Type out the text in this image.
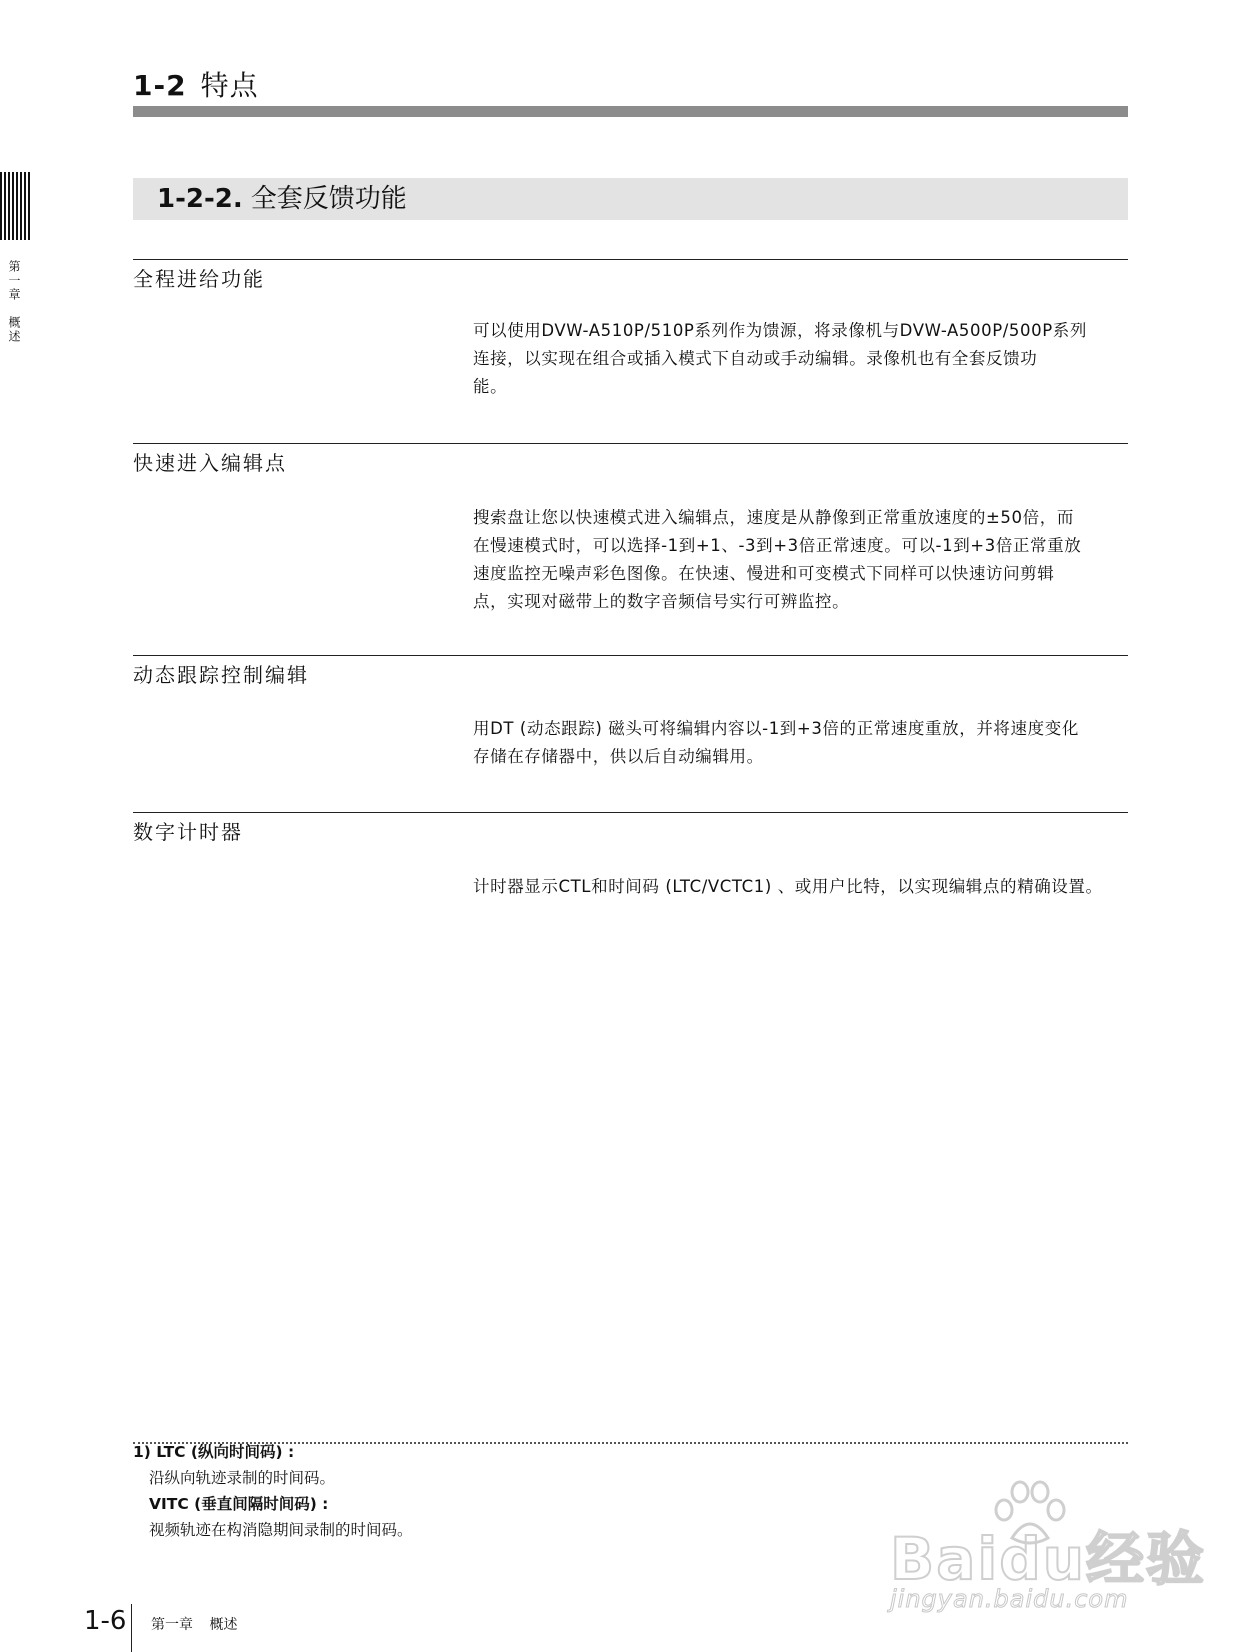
1-2 特点
第一章 概述
1-2-2. 全套反馈功能
全程进给功能
可以使用DVW-A510P/510P系列作为馈源，将录像机与DVW-A500P/500P系列
连接，以实现在组合或插入模式下自动或手动编辑。录像机也有全套反馈功
能。
快速进入编辑点
搜索盘让您以快速模式进入编辑点，速度是从静像到正常重放速度的±50倍，而
在慢速模式时，可以选择-1到+1、-3到+3倍正常速度。可以-1到+3倍正常重放
速度监控无噪声彩色图像。在快速、慢进和可变模式下同样可以快速访问剪辑
点，实现对磁带上的数字音频信号实行可辨监控。
动态跟踪控制编辑
用DT (动态跟踪) 磁头可将编辑内容以-1到+3倍的正常速度重放，并将速度变化
存储在存储器中，供以后自动编辑用。
数字计时器
计时器显示CTL和时间码 (LTC/VCTC1) 、或用户比特，以实现编辑点的精确设置。
1) LTC (纵向时间码) :
沿纵向轨迹录制的时间码。
VITC (垂直间隔时间码) :
视频轨迹在构消隐期间录制的时间码。
1-6 第一章 概述
Baidu经验
jingyan.baidu.com
